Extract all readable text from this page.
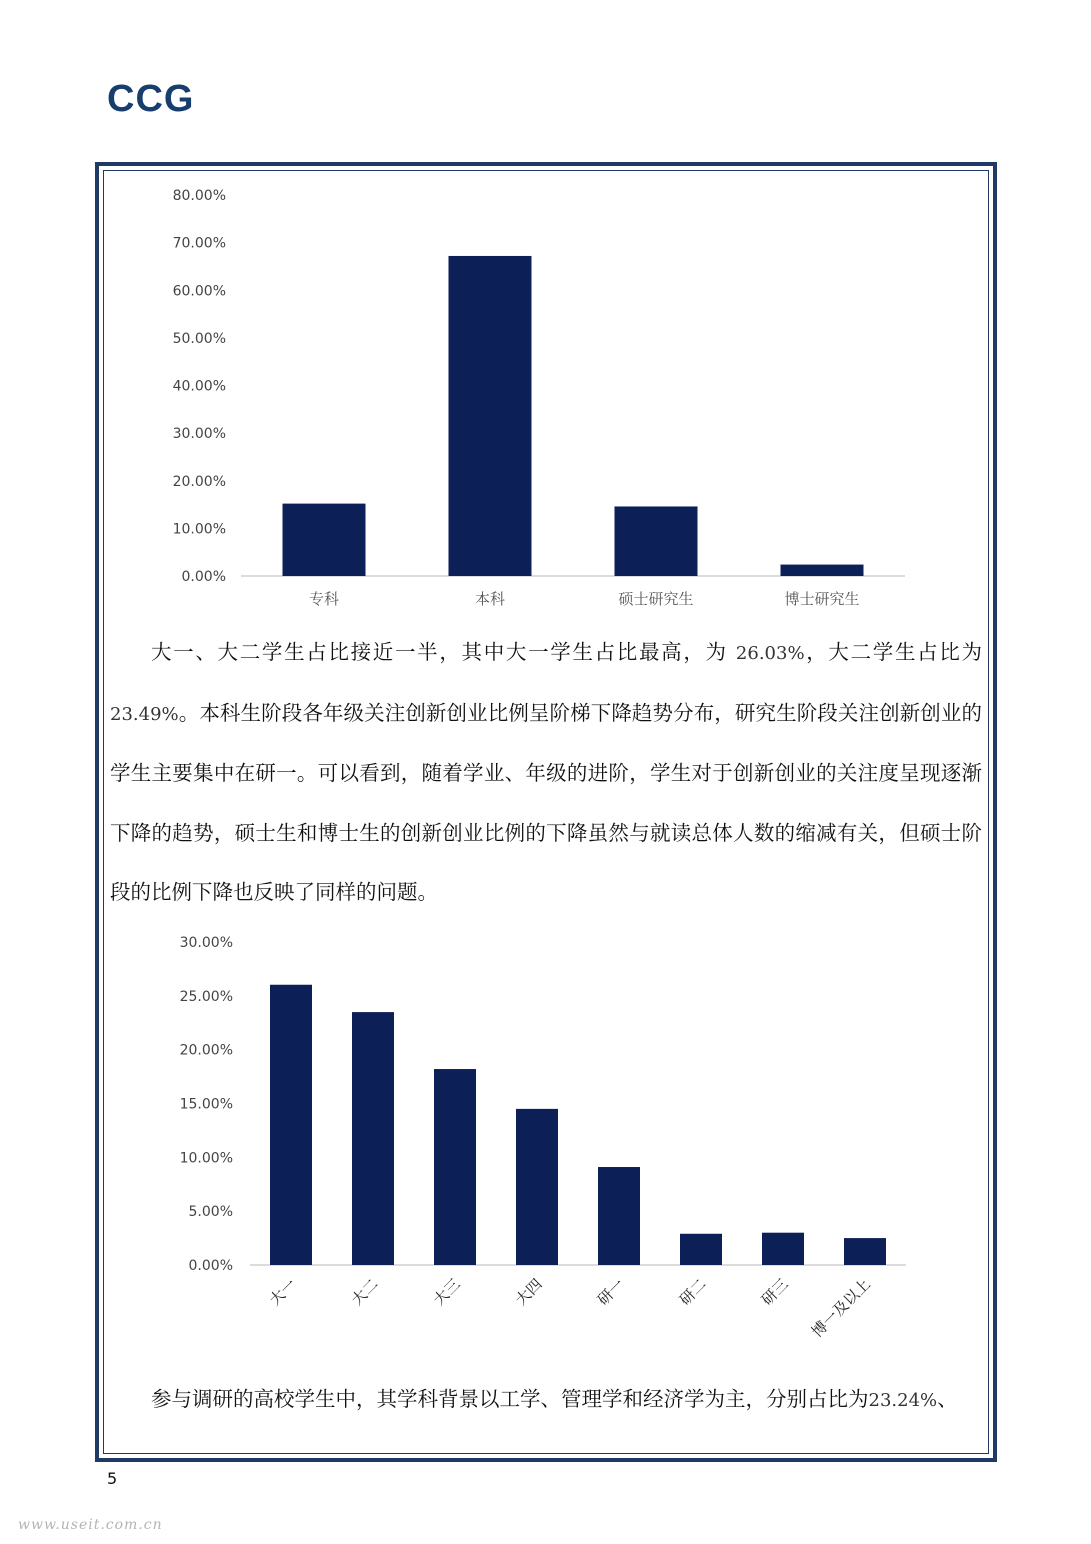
CCG
0.00%
10.00%
20.00%
30.00%
40.00%
50.00%
60.00%
70.00%
80.00%
专科	本科	硕士研究生	博士研究生
0.00%
5.00%
10.00%
15.00%
20.00%
25.00%
30.00%
大一	大二	大三	大四	研一	研二	研三 博一及以上

大一、大二学生占比接近一半，其中大一学生占比最高，为 26.03%，大二学生占比为23.49%。本科生阶段各年级关注创新创业比例呈阶梯下降趋势分布，研究生阶段关注创新创业的学生主要集中在研一。可以看到，随着学业、年级的进阶，学生对于创新创业的关注度呈现逐渐下降的趋势，硕士生和博士生的创新创业比例的下降虽然与就读总体人数的缩减有关，但硕士阶段的比例下降也反映了同样的问题。

参与调研的高校学生中，其学科背景以工学、管理学和经济学为主，分别占比为23.24%、

5
www.useit.com.cn
